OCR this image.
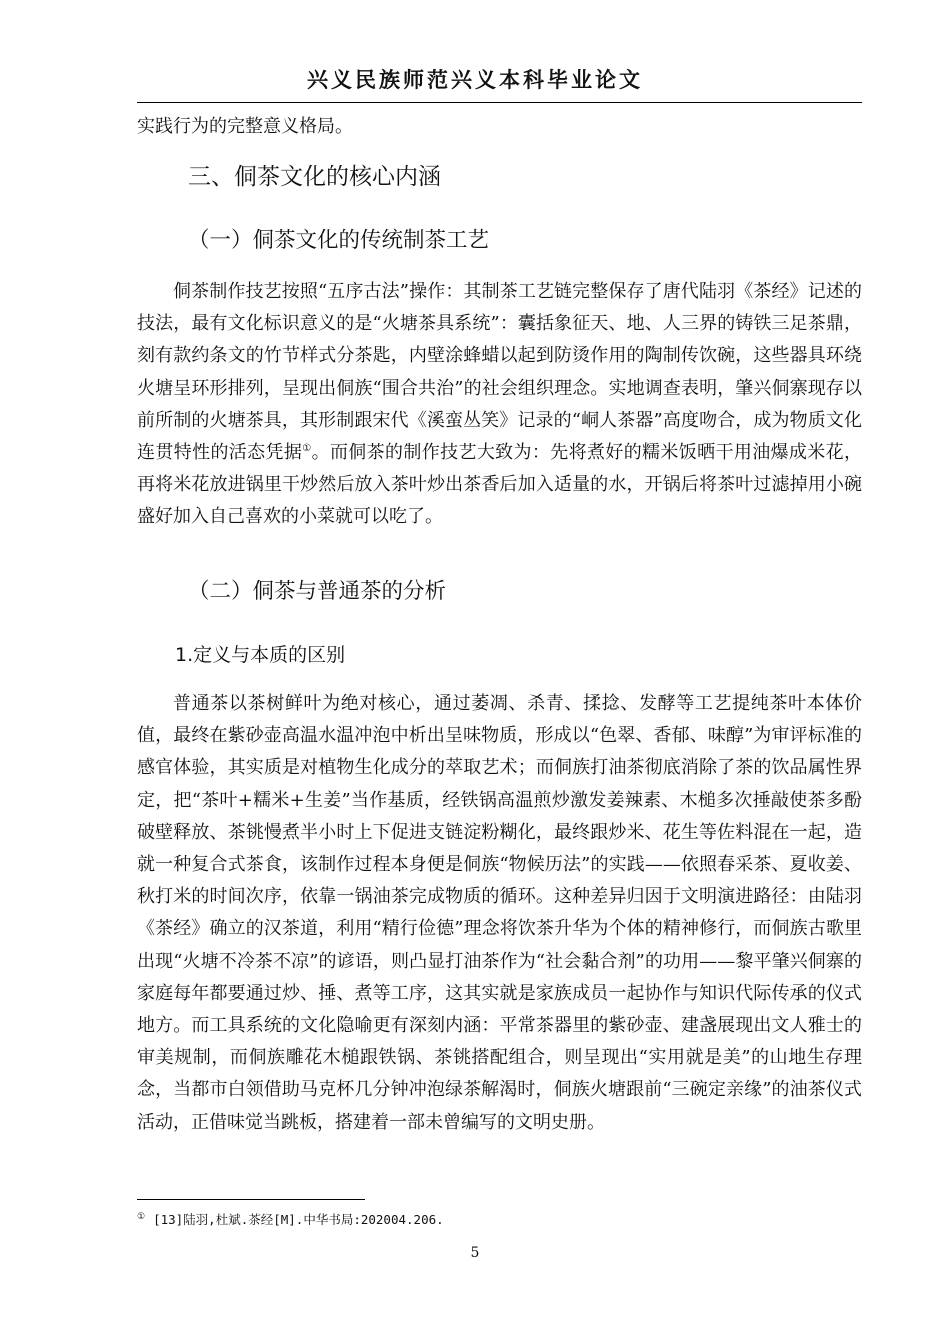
兴义民族师范兴义本科毕业论文

实践行为的完整意义格局。

三、侗茶文化的核心内涵
（一）侗茶文化的传统制茶工艺

侗茶制作技艺按照“五序古法”操作：其制茶工艺链完整保存了唐代陆羽《茶经》记述的技法，最有文化标识意义的是“火塘茶具系统”：囊括象征天、地、人三界的铸铁三足茶鼎，刻有款约条文的竹节样式分茶匙，内壁涂蜂蜡以起到防烫作用的陶制传饮碗，这些器具环绕火塘呈环形排列，呈现出侗族“围合共治”的社会组织理念。实地调查表明，肇兴侗寨现存以前所制的火塘茶具，其形制跟宋代《溪蛮丛笑》记录的“峒人茶器”高度吻合，成为物质文化连贯特性的活态凭据①。而侗茶的制作技艺大致为：先将煮好的糯米饭晒干用油爆成米花，再将米花放进锅里干炒然后放入茶叶炒出茶香后加入适量的水，开锅后将茶叶过滤掉用小碗盛好加入自己喜欢的小菜就可以吃了。

（二）侗茶与普通茶的分析
1.定义与本质的区别

普通茶以茶树鲜叶为绝对核心，通过萎凋、杀青、揉捻、发酵等工艺提纯茶叶本体价值，最终在紫砂壶高温水温冲泡中析出呈味物质，形成以“色翠、香郁、味醇”为审评标准的感官体验，其实质是对植物生化成分的萃取艺术；而侗族打油茶彻底消除了茶的饮品属性界定，把“茶叶+糯米+生姜”当作基质，经铁锅高温煎炒激发姜辣素、木槌多次捶敲使茶多酚破壁释放、茶铫慢煮半小时上下促进支链淀粉糊化，最终跟炒米、花生等佐料混在一起，造就一种复合式茶食，该制作过程本身便是侗族“物候历法”的实践——依照春采茶、夏收姜、秋打米的时间次序，依靠一锅油茶完成物质的循环。这种差异归因于文明演进路径：由陆羽《茶经》确立的汉茶道，利用“精行俭德”理念将饮茶升华为个体的精神修行，而侗族古歌里出现“火塘不冷茶不凉”的谚语，则凸显打油茶作为“社会黏合剂”的功用——黎平肇兴侗寨的家庭每年都要通过炒、捶、煮等工序，这其实就是家族成员一起协作与知识代际传承的仪式地方。而工具系统的文化隐喻更有深刻内涵：平常茶器里的紫砂壶、建盏展现出文人雅士的审美规制，而侗族雕花木槌跟铁锅、茶铫搭配组合，则呈现出“实用就是美”的山地生存理念，当都市白领借助马克杯几分钟冲泡绿茶解渴时，侗族火塘跟前“三碗定亲缘”的油茶仪式活动，正借味觉当跳板，搭建着一部未曾编写的文明史册。

① [13]陆羽,杜斌.茶经[M].中华书局:202004.206.
5
